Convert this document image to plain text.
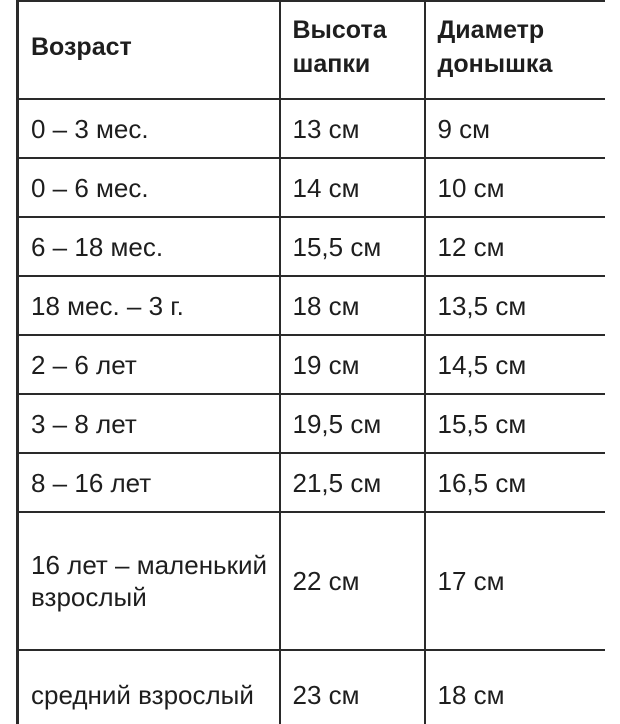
Возраст	Высота шапки	Диаметр донышка
0 – 3 мес.	13 см	9 см
0 – 6 мес.	14 см	10 см
6 – 18 мес.	15,5 см	12 см
18 мес. – 3 г.	18 см	13,5 см
2 – 6 лет	19 см	14,5 см
3 – 8 лет	19,5 см	15,5 см
8 – 16 лет	21,5 см	16,5 см
16 лет – маленький взрослый	22 см	17 см
средний взрослый	23 см	18 см
